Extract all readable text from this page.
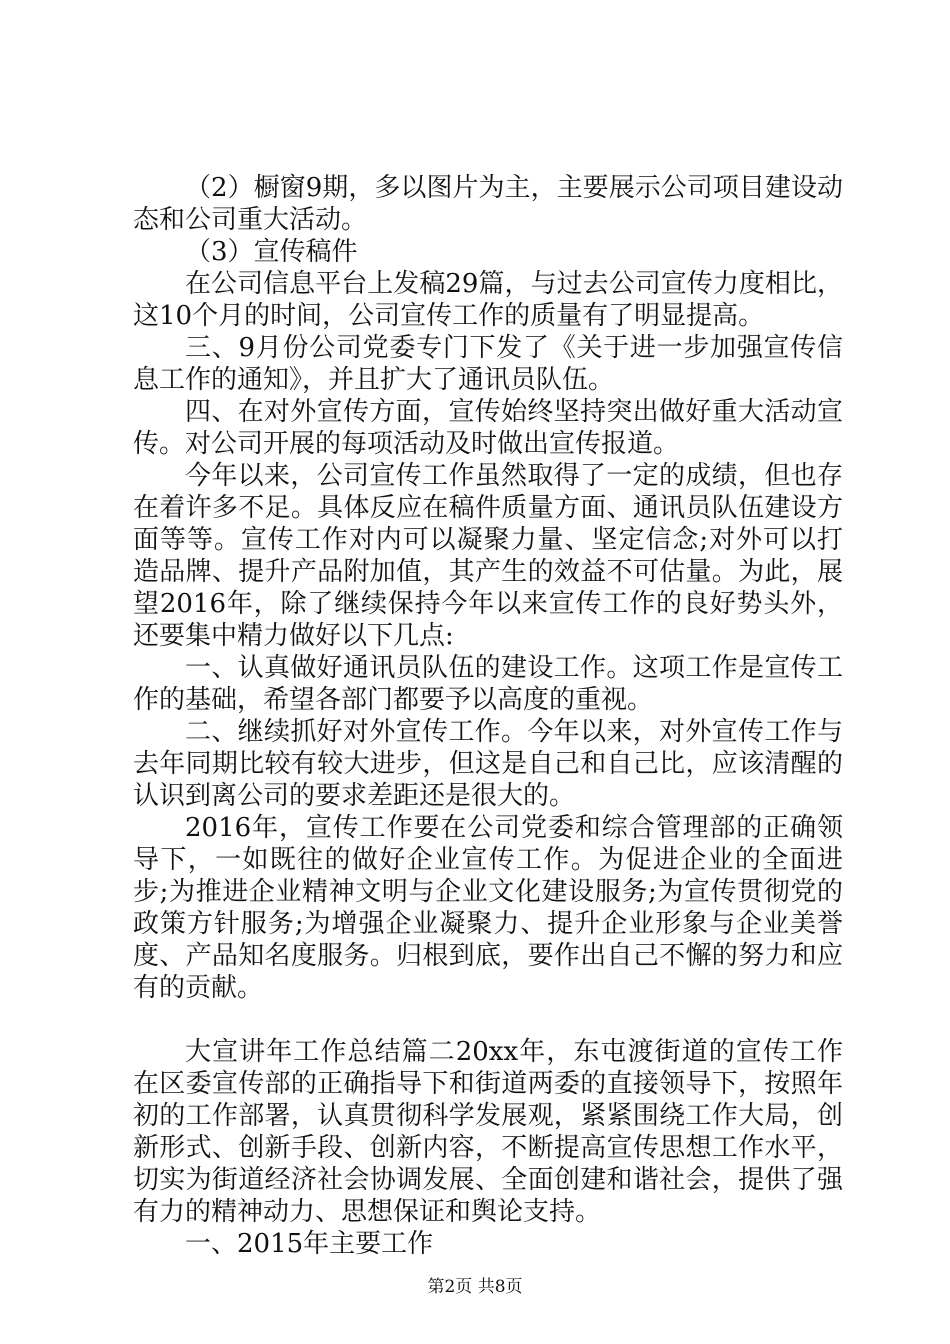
（2）橱窗9期，多以图片为主，主要展示公司项目建设动态和公司重大活动。

（3）宣传稿件

在公司信息平台上发稿29篇，与过去公司宣传力度相比，这10个月的时间，公司宣传工作的质量有了明显提高。

三、9月份公司党委专门下发了《关于进一步加强宣传信息工作的通知》，并且扩大了通讯员队伍。

四、在对外宣传方面，宣传始终坚持突出做好重大活动宣传。对公司开展的每项活动及时做出宣传报道。

今年以来，公司宣传工作虽然取得了一定的成绩，但也存在着许多不足。具体反应在稿件质量方面、通讯员队伍建设方面等等。宣传工作对内可以凝聚力量、坚定信念;对外可以打造品牌、提升产品附加值，其产生的效益不可估量。为此，展望2016年，除了继续保持今年以来宣传工作的良好势头外，还要集中精力做好以下几点:

一、认真做好通讯员队伍的建设工作。这项工作是宣传工作的基础，希望各部门都要予以高度的重视。

二、继续抓好对外宣传工作。今年以来，对外宣传工作与去年同期比较有较大进步，但这是自己和自己比，应该清醒的认识到离公司的要求差距还是很大的。

2016年，宣传工作要在公司党委和综合管理部的正确领导下，一如既往的做好企业宣传工作。为促进企业的全面进步;为推进企业精神文明与企业文化建设服务;为宣传贯彻党的政策方针服务;为增强企业凝聚力、提升企业形象与企业美誉度、产品知名度服务。归根到底，要作出自己不懈的努力和应有的贡献。

大宣讲年工作总结篇二20xx年，东屯渡街道的宣传工作在区委宣传部的正确指导下和街道两委的直接领导下，按照年初的工作部署，认真贯彻科学发展观，紧紧围绕工作大局，创新形式、创新手段、创新内容，不断提高宣传思想工作水平，切实为街道经济社会协调发展、全面创建和谐社会，提供了强有力的精神动力、思想保证和舆论支持。

一、2015年主要工作

第2页 共8页
